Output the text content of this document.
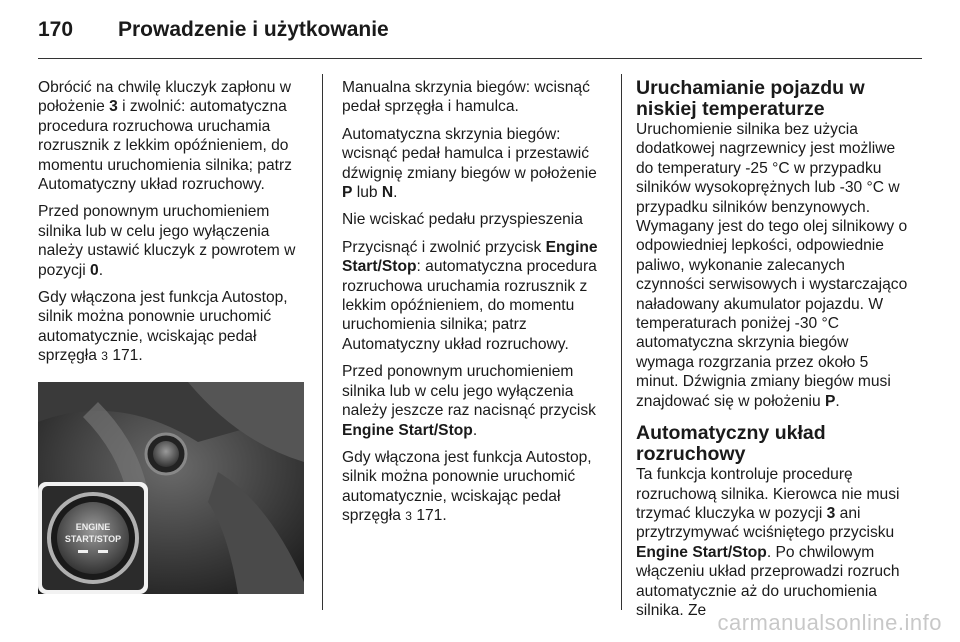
170 Prowadzenie i użytkowanie

Obrócić na chwilę kluczyk zapłonu w położenie 3 i zwolnić: automatyczna procedura rozruchowa uruchamia rozrusznik z lekkim opóźnieniem, do momentu uruchomienia silnika; patrz Automatyczny układ rozruchowy.

Przed ponownym uruchomieniem silnika lub w celu jego wyłączenia należy ustawić kluczyk z powrotem w pozycji 0.

Gdy włączona jest funkcja Autostop, silnik można ponownie uruchomić automatycznie, wciskając pedał sprzęgła 3 171.

ENGINE
START/STOP

Manualna skrzynia biegów: wcisnąć pedał sprzęgła i hamulca.

Automatyczna skrzynia biegów: wcisnąć pedał hamulca i przestawić dźwignię zmiany biegów w położenie P lub N.

Nie wciskać pedału przyspieszenia

Przycisnąć i zwolnić przycisk Engine Start/Stop: automatyczna procedura rozruchowa uruchamia rozrusznik z lekkim opóźnieniem, do momentu uruchomienia silnika; patrz Automatyczny układ rozruchowy.

Przed ponownym uruchomieniem silnika lub w celu jego wyłączenia należy jeszcze raz nacisnąć przycisk Engine Start/Stop.

Gdy włączona jest funkcja Autostop, silnik można ponownie uruchomić automatycznie, wciskając pedał sprzęgła 3 171.

Uruchamianie pojazdu w niskiej temperaturze

Uruchomienie silnika bez użycia dodatkowej nagrzewnicy jest możliwe do temperatury -25 °C w przypadku silników wysokoprężnych lub -30 °C w przypadku silników benzynowych. Wymagany jest do tego olej silnikowy o odpowiedniej lepkości, odpowiednie paliwo, wykonanie zalecanych czynności serwisowych i wystarczająco naładowany akumulator pojazdu. W temperaturach poniżej -30 °C automatyczna skrzynia biegów wymaga rozgrzania przez około 5 minut. Dźwignia zmiany biegów musi znajdować się w położeniu P.

Automatyczny układ rozruchowy

Ta funkcja kontroluje procedurę rozruchową silnika. Kierowca nie musi trzymać kluczyka w pozycji 3 ani przytrzymywać wciśniętego przycisku Engine Start/Stop. Po chwilowym włączeniu układ przeprowadzi rozruch automatycznie aż do uruchomienia silnika. Ze carmanualsonline.info
